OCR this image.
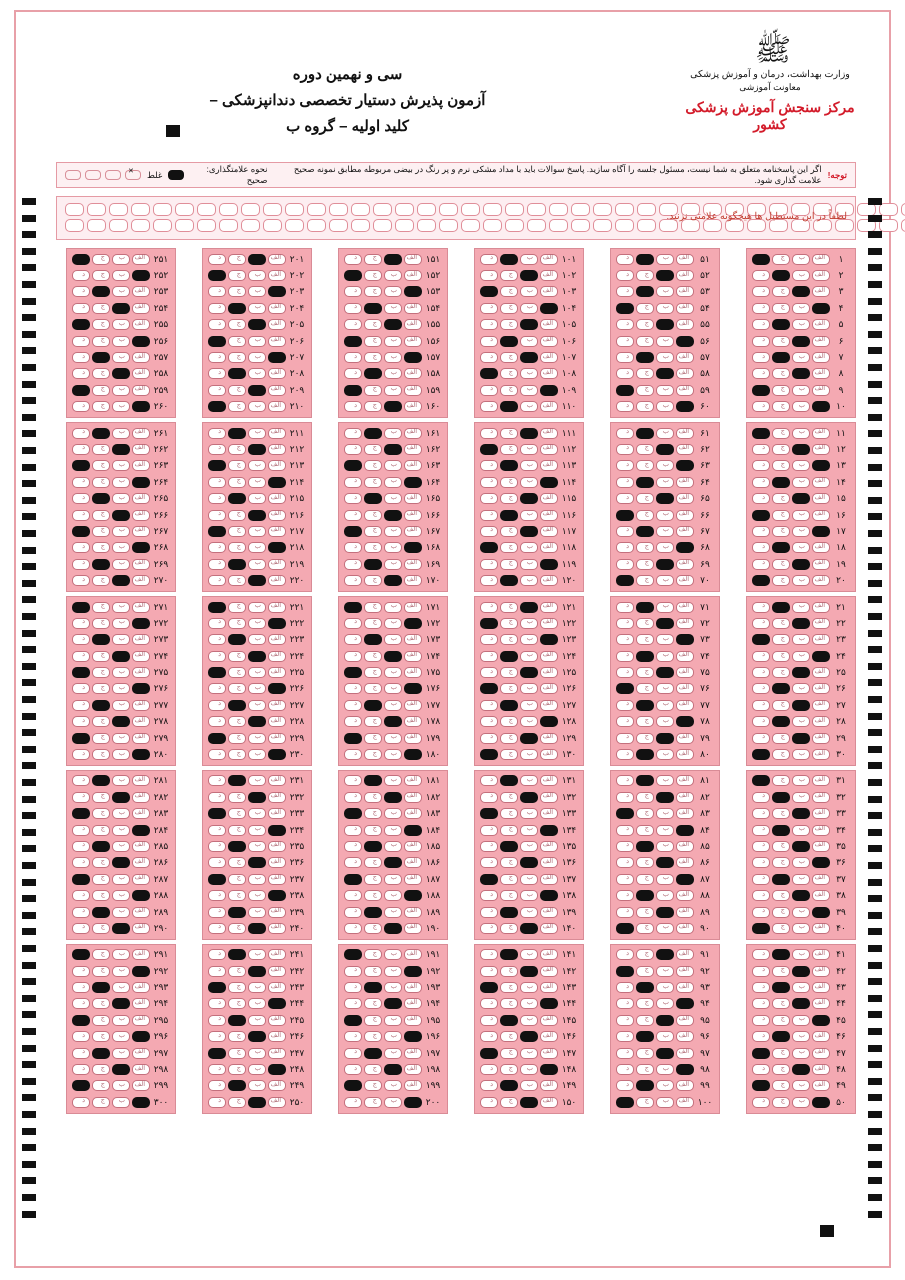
ﷺ 
وزارت بهداشت، درمان و آموزش پزشکی
معاونت آموزشی
مرکز سنجش آموزش پزشکی کشور
سی و نهمین دوره
آزمون پذیرش دستیار تخصصی دندانپزشکی –
کلید اولیه – گروه ب
توجه!
اگر این پاسخنامه متعلق به شما نیست، مسئول جلسه را آگاه سازید. پاسخ سوالات باید با مداد مشکی نرم و پر رنگ در بیضی مربوطه مطابق نمونه صحیح علامت گذاری شود.
نحوه علامتگذاری: صحیح
غلط
✕
لطفاً در این مستطیل ها هیچگونه علامتی نزنید.
۱
الف
ب
ج
۲
الف
ب
د
۳
الف
ج
د
۴
ب
ج
د
۵
الف
ب
د
۶
الف
ج
د
۷
الف
ب
د
۸
الف
ج
د
۹
الف
ب
ج
۱۰
ب
ج
د
۱۱
الف
ب
ج
۱۲
الف
ج
د
۱۳
ب
ج
د
۱۴
الف
ب
د
۱۵
الف
ج
د
۱۶
الف
ب
ج
۱۷
ب
ج
د
۱۸
الف
ب
د
۱۹
الف
ج
د
۲۰
الف
ب
ج
۲۱
الف
ب
د
۲۲
الف
ج
د
۲۳
الف
ب
ج
۲۴
ب
ج
د
۲۵
الف
ج
د
۲۶
الف
ب
د
۲۷
الف
ج
د
۲۸
الف
ب
د
۲۹
الف
ج
د
۳۰
الف
ب
ج
۳۱
الف
ب
ج
۳۲
الف
ب
د
۳۳
الف
ج
د
۳۴
الف
ب
د
۳۵
الف
ج
د
۳۶
ب
ج
د
۳۷
الف
ب
د
۳۸
الف
ج
د
۳۹
ب
ج
د
۴۰
الف
ب
ج
۴۱
الف
ب
د
۴۲
الف
ج
د
۴۳
الف
ب
د
۴۴
الف
ج
د
۴۵
ب
ج
د
۴۶
الف
ب
د
۴۷
الف
ب
ج
۴۸
الف
ج
د
۴۹
الف
ب
ج
۵۰
ب
ج
د
۵۱
الف
ب
د
۵۲
الف
ج
د
۵۳
الف
ب
د
۵۴
الف
ب
ج
۵۵
الف
ج
د
۵۶
ب
ج
د
۵۷
الف
ب
د
۵۸
الف
ج
د
۵۹
الف
ب
ج
۶۰
ب
ج
د
۶۱
الف
ب
د
۶۲
الف
ج
د
۶۳
ب
ج
د
۶۴
الف
ب
د
۶۵
الف
ج
د
۶۶
الف
ب
ج
۶۷
الف
ب
د
۶۸
ب
ج
د
۶۹
الف
ج
د
۷۰
الف
ب
ج
۷۱
الف
ب
د
۷۲
الف
ج
د
۷۳
ب
ج
د
۷۴
الف
ب
د
۷۵
الف
ج
د
۷۶
الف
ب
ج
۷۷
الف
ب
د
۷۸
ب
ج
د
۷۹
الف
ج
د
۸۰
الف
ب
د
۸۱
الف
ب
د
۸۲
الف
ج
د
۸۳
الف
ب
ج
۸۴
ب
ج
د
۸۵
الف
ب
د
۸۶
الف
ج
د
۸۷
ب
ج
د
۸۸
الف
ب
د
۸۹
الف
ج
د
۹۰
الف
ب
ج
۹۱
الف
ج
د
۹۲
الف
ب
ج
۹۳
الف
ب
د
۹۴
ب
ج
د
۹۵
الف
ج
د
۹۶
الف
ب
د
۹۷
الف
ج
د
۹۸
ب
ج
د
۹۹
الف
ب
د
۱۰۰
الف
ب
ج
۱۰۱
الف
ب
د
۱۰۲
الف
ج
د
۱۰۳
الف
ب
ج
۱۰۴
ب
ج
د
۱۰۵
الف
ج
د
۱۰۶
الف
ب
د
۱۰۷
الف
ج
د
۱۰۸
الف
ب
ج
۱۰۹
ب
ج
د
۱۱۰
الف
ب
د
۱۱۱
الف
ج
د
۱۱۲
الف
ب
ج
۱۱۳
الف
ب
د
۱۱۴
ب
ج
د
۱۱۵
الف
ج
د
۱۱۶
الف
ب
د
۱۱۷
الف
ج
د
۱۱۸
الف
ب
ج
۱۱۹
ب
ج
د
۱۲۰
الف
ب
د
۱۲۱
الف
ج
د
۱۲۲
الف
ب
ج
۱۲۳
ب
ج
د
۱۲۴
الف
ب
د
۱۲۵
الف
ج
د
۱۲۶
الف
ب
ج
۱۲۷
الف
ب
د
۱۲۸
ب
ج
د
۱۲۹
الف
ج
د
۱۳۰
الف
ب
ج
۱۳۱
الف
ب
د
۱۳۲
الف
ج
د
۱۳۳
الف
ب
ج
۱۳۴
ب
ج
د
۱۳۵
الف
ب
د
۱۳۶
الف
ج
د
۱۳۷
الف
ب
ج
۱۳۸
ب
ج
د
۱۳۹
الف
ب
د
۱۴۰
الف
ج
د
۱۴۱
الف
ب
د
۱۴۲
الف
ج
د
۱۴۳
الف
ب
ج
۱۴۴
ب
ج
د
۱۴۵
الف
ب
د
۱۴۶
الف
ج
د
۱۴۷
الف
ب
ج
۱۴۸
ب
ج
د
۱۴۹
الف
ب
د
۱۵۰
الف
ج
د
۱۵۱
الف
ج
د
۱۵۲
الف
ب
ج
۱۵۳
ب
ج
د
۱۵۴
الف
ب
د
۱۵۵
الف
ج
د
۱۵۶
الف
ب
ج
۱۵۷
ب
ج
د
۱۵۸
الف
ب
د
۱۵۹
الف
ب
ج
۱۶۰
الف
ج
د
۱۶۱
الف
ب
د
۱۶۲
الف
ج
د
۱۶۳
الف
ب
ج
۱۶۴
ب
ج
د
۱۶۵
الف
ب
د
۱۶۶
الف
ج
د
۱۶۷
الف
ب
ج
۱۶۸
ب
ج
د
۱۶۹
الف
ب
د
۱۷۰
الف
ج
د
۱۷۱
الف
ب
ج
۱۷۲
ب
ج
د
۱۷۳
الف
ب
د
۱۷۴
الف
ج
د
۱۷۵
الف
ب
ج
۱۷۶
ب
ج
د
۱۷۷
الف
ب
د
۱۷۸
الف
ج
د
۱۷۹
الف
ب
ج
۱۸۰
ب
ج
د
۱۸۱
الف
ب
د
۱۸۲
الف
ج
د
۱۸۳
الف
ب
ج
۱۸۴
ب
ج
د
۱۸۵
الف
ب
د
۱۸۶
الف
ج
د
۱۸۷
الف
ب
ج
۱۸۸
ب
ج
د
۱۸۹
الف
ب
د
۱۹۰
الف
ج
د
۱۹۱
الف
ب
ج
۱۹۲
ب
ج
د
۱۹۳
الف
ب
د
۱۹۴
الف
ج
د
۱۹۵
الف
ب
ج
۱۹۶
ب
ج
د
۱۹۷
الف
ب
د
۱۹۸
الف
ج
د
۱۹۹
الف
ب
ج
۲۰۰
ب
ج
د
۲۰۱
الف
ج
د
۲۰۲
الف
ب
ج
۲۰۳
ب
ج
د
۲۰۴
الف
ب
د
۲۰۵
الف
ج
د
۲۰۶
الف
ب
ج
۲۰۷
ب
ج
د
۲۰۸
الف
ب
د
۲۰۹
الف
ج
د
۲۱۰
الف
ب
ج
۲۱۱
الف
ب
د
۲۱۲
الف
ج
د
۲۱۳
الف
ب
ج
۲۱۴
ب
ج
د
۲۱۵
الف
ب
د
۲۱۶
الف
ج
د
۲۱۷
الف
ب
ج
۲۱۸
ب
ج
د
۲۱۹
الف
ب
د
۲۲۰
الف
ج
د
۲۲۱
الف
ب
ج
۲۲۲
ب
ج
د
۲۲۳
الف
ب
د
۲۲۴
الف
ج
د
۲۲۵
الف
ب
ج
۲۲۶
ب
ج
د
۲۲۷
الف
ب
د
۲۲۸
الف
ج
د
۲۲۹
الف
ب
ج
۲۳۰
ب
ج
د
۲۳۱
الف
ب
د
۲۳۲
الف
ج
د
۲۳۳
الف
ب
ج
۲۳۴
ب
ج
د
۲۳۵
الف
ب
د
۲۳۶
الف
ج
د
۲۳۷
الف
ب
ج
۲۳۸
ب
ج
د
۲۳۹
الف
ب
د
۲۴۰
الف
ج
د
۲۴۱
الف
ب
د
۲۴۲
الف
ج
د
۲۴۳
الف
ب
ج
۲۴۴
ب
ج
د
۲۴۵
الف
ب
د
۲۴۶
الف
ج
د
۲۴۷
الف
ب
ج
۲۴۸
ب
ج
د
۲۴۹
الف
ب
د
۲۵۰
الف
ج
د
۲۵۱
الف
ب
ج
۲۵۲
ب
ج
د
۲۵۳
الف
ب
د
۲۵۴
الف
ج
د
۲۵۵
الف
ب
ج
۲۵۶
ب
ج
د
۲۵۷
الف
ب
د
۲۵۸
الف
ج
د
۲۵۹
الف
ب
ج
۲۶۰
ب
ج
د
۲۶۱
الف
ب
د
۲۶۲
الف
ج
د
۲۶۳
الف
ب
ج
۲۶۴
ب
ج
د
۲۶۵
الف
ب
د
۲۶۶
الف
ج
د
۲۶۷
الف
ب
ج
۲۶۸
ب
ج
د
۲۶۹
الف
ب
د
۲۷۰
الف
ج
د
۲۷۱
الف
ب
ج
۲۷۲
ب
ج
د
۲۷۳
الف
ب
د
۲۷۴
الف
ج
د
۲۷۵
الف
ب
ج
۲۷۶
ب
ج
د
۲۷۷
الف
ب
د
۲۷۸
الف
ج
د
۲۷۹
الف
ب
ج
۲۸۰
ب
ج
د
۲۸۱
الف
ب
د
۲۸۲
الف
ج
د
۲۸۳
الف
ب
ج
۲۸۴
ب
ج
د
۲۸۵
الف
ب
د
۲۸۶
الف
ج
د
۲۸۷
الف
ب
ج
۲۸۸
ب
ج
د
۲۸۹
الف
ب
د
۲۹۰
الف
ج
د
۲۹۱
الف
ب
ج
۲۹۲
ب
ج
د
۲۹۳
الف
ب
د
۲۹۴
الف
ج
د
۲۹۵
الف
ب
ج
۲۹۶
ب
ج
د
۲۹۷
الف
ب
د
۲۹۸
الف
ج
د
۲۹۹
الف
ب
ج
۳۰۰
ب
ج
د
